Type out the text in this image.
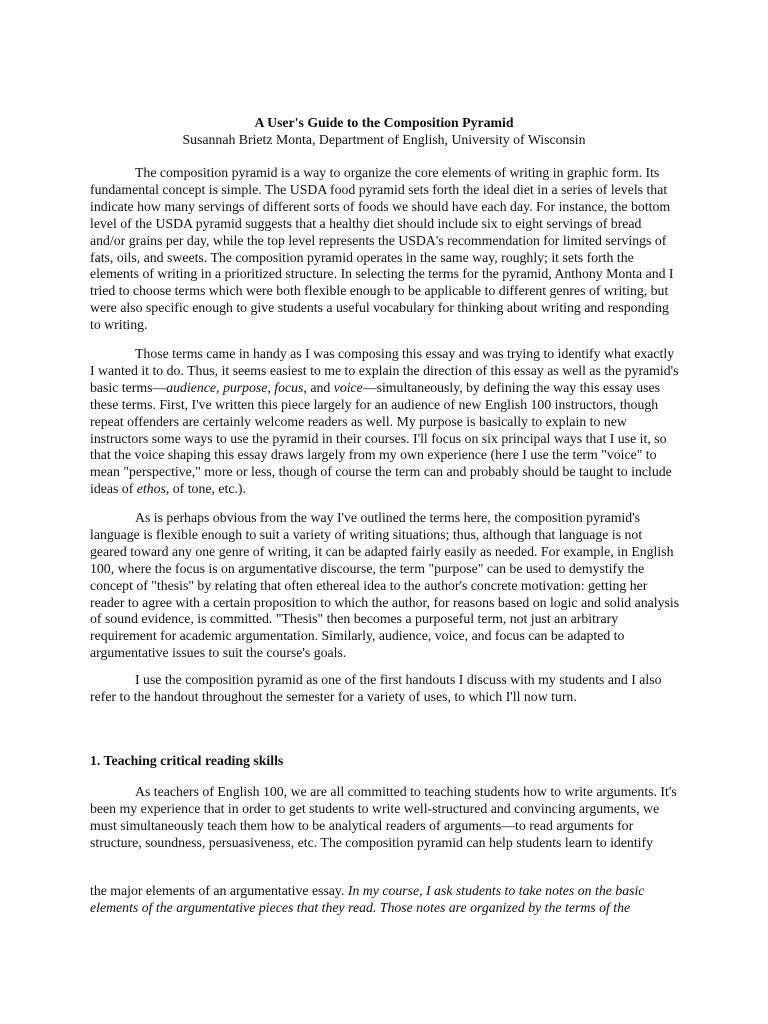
A User's Guide to the Composition Pyramid
Susannah Brietz Monta, Department of English, University of Wisconsin

The composition pyramid is a way to organize the core elements of writing in graphic form. Its fundamental concept is simple. The USDA food pyramid sets forth the ideal diet in a series of levels that indicate how many servings of different sorts of foods we should have each day. For instance, the bottom level of the USDA pyramid suggests that a healthy diet should include six to eight servings of bread and/or grains per day, while the top level represents the USDA's recommendation for limited servings of fats, oils, and sweets. The composition pyramid operates in the same way, roughly; it sets forth the elements of writing in a prioritized structure. In selecting the terms for the pyramid, Anthony Monta and I tried to choose terms which were both flexible enough to be applicable to different genres of writing, but were also specific enough to give students a useful vocabulary for thinking about writing and responding to writing.

Those terms came in handy as I was composing this essay and was trying to identify what exactly I wanted it to do. Thus, it seems easiest to me to explain the direction of this essay as well as the pyramid's basic terms—audience, purpose, focus, and voice—simultaneously, by defining the way this essay uses these terms. First, I've written this piece largely for an audience of new English 100 instructors, though repeat offenders are certainly welcome readers as well. My purpose is basically to explain to new instructors some ways to use the pyramid in their courses. I'll focus on six principal ways that I use it, so that the voice shaping this essay draws largely from my own experience (here I use the term "voice" to mean "perspective," more or less, though of course the term can and probably should be taught to include ideas of ethos, of tone, etc.).

As is perhaps obvious from the way I've outlined the terms here, the composition pyramid's language is flexible enough to suit a variety of writing situations; thus, although that language is not geared toward any one genre of writing, it can be adapted fairly easily as needed. For example, in English 100, where the focus is on argumentative discourse, the term "purpose" can be used to demystify the concept of "thesis" by relating that often ethereal idea to the author's concrete motivation: getting her reader to agree with a certain proposition to which the author, for reasons based on logic and solid analysis of sound evidence, is committed. "Thesis" then becomes a purposeful term, not just an arbitrary requirement for academic argumentation. Similarly, audience, voice, and focus can be adapted to argumentative issues to suit the course's goals.

I use the composition pyramid as one of the first handouts I discuss with my students and I also refer to the handout throughout the semester for a variety of uses, to which I'll now turn.

1. Teaching critical reading skills

As teachers of English 100, we are all committed to teaching students how to write arguments. It's been my experience that in order to get students to write well-structured and convincing arguments, we must simultaneously teach them how to be analytical readers of arguments—to read arguments for structure, soundness, persuasiveness, etc. The composition pyramid can help students learn to identify

the major elements of an argumentative essay. In my course, I ask students to take notes on the basic elements of the argumentative pieces that they read. Those notes are organized by the terms of the
